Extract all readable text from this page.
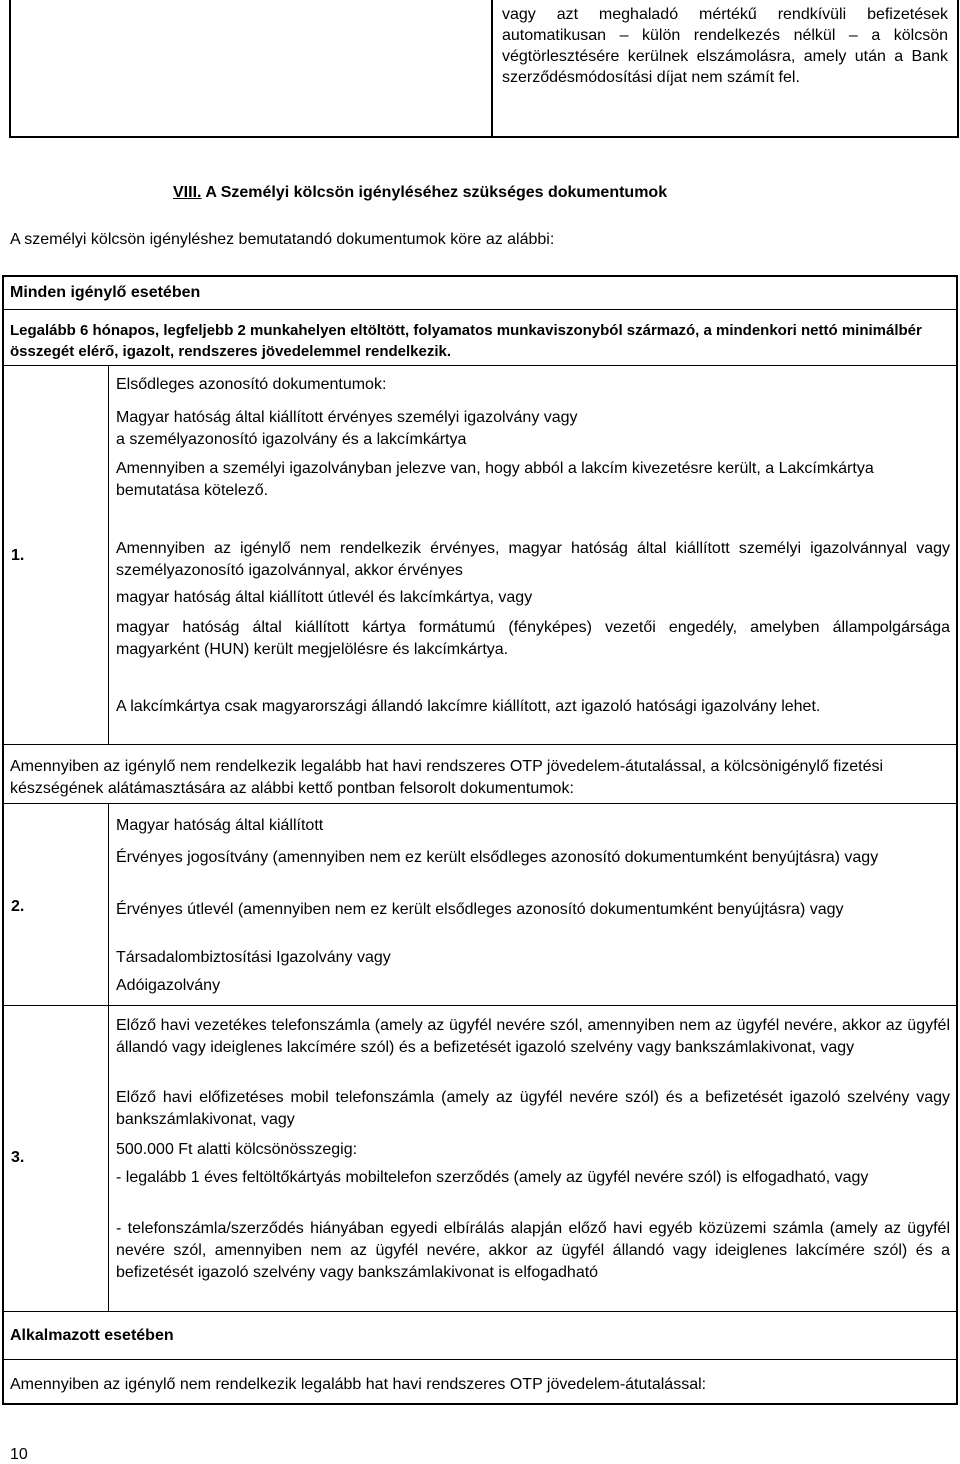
vagy azt meghaladó mértékű rendkívüli befizetések automatikusan – külön rendelkezés nélkül – a kölcsön végtörlesztésére kerülnek elszámolásra, amely után a Bank szerződésmódosítási díjat nem számít fel.

VIII. A Személyi kölcsön igényléséhez szükséges dokumentumok

A személyi kölcsön igényléshez bemutatandó dokumentumok köre az alábbi:

Minden igénylő esetében

Legalább 6 hónapos, legfeljebb 2 munkahelyen eltöltött, folyamatos munkaviszonyból származó, a mindenkori nettó minimálbér összegét elérő, igazolt, rendszeres jövedelemmel rendelkezik.

1.

Elsődleges azonosító dokumentumok:

Magyar hatóság által kiállított érvényes személyi igazolvány vagy

a személyazonosító igazolvány és a lakcímkártya

Amennyiben a személyi igazolványban jelezve van, hogy abból a lakcím kivezetésre került, a Lakcímkártya bemutatása kötelező.

Amennyiben az igénylő nem rendelkezik érvényes, magyar hatóság által kiállított személyi igazolvánnyal vagy személyazonosító igazolvánnyal, akkor érvényes

magyar hatóság által kiállított útlevél és lakcímkártya, vagy

magyar hatóság által kiállított kártya formátumú (fényképes) vezetői engedély, amelyben állampolgársága magyarként (HUN) került megjelölésre és lakcímkártya.

A lakcímkártya csak magyarországi állandó lakcímre kiállított, azt igazoló hatósági igazolvány lehet.

Amennyiben az igénylő nem rendelkezik legalább hat havi rendszeres OTP jövedelem-átutalással, a kölcsönigénylő fizetési készségének alátámasztására az alábbi kettő pontban felsorolt dokumentumok:

2.

Magyar hatóság által kiállított

Érvényes jogosítvány (amennyiben nem ez került elsődleges azonosító dokumentumként benyújtásra) vagy

Érvényes útlevél (amennyiben nem ez került elsődleges azonosító dokumentumként benyújtásra) vagy

Társadalombiztosítási Igazolvány vagy

Adóigazolvány

3.

Előző havi vezetékes telefonszámla (amely az ügyfél nevére szól, amennyiben nem az ügyfél nevére, akkor az ügyfél állandó vagy ideiglenes lakcímére szól) és a befizetését igazoló szelvény vagy bankszámlakivonat, vagy

Előző havi előfizetéses mobil telefonszámla (amely az ügyfél nevére szól) és a befizetését igazoló szelvény vagy bankszámlakivonat, vagy

500.000 Ft alatti kölcsönösszegig:

- legalább 1 éves feltöltőkártyás mobiltelefon szerződés (amely az ügyfél nevére szól) is elfogadható, vagy

- telefonszámla/szerződés hiányában egyedi elbírálás alapján előző havi egyéb közüzemi számla (amely az ügyfél nevére szól, amennyiben nem az ügyfél nevére, akkor az ügyfél állandó vagy ideiglenes lakcímére szól) és a befizetését igazoló szelvény vagy bankszámlakivonat is elfogadható

Alkalmazott esetében

Amennyiben az igénylő nem rendelkezik legalább hat havi rendszeres OTP jövedelem-átutalással:

10
